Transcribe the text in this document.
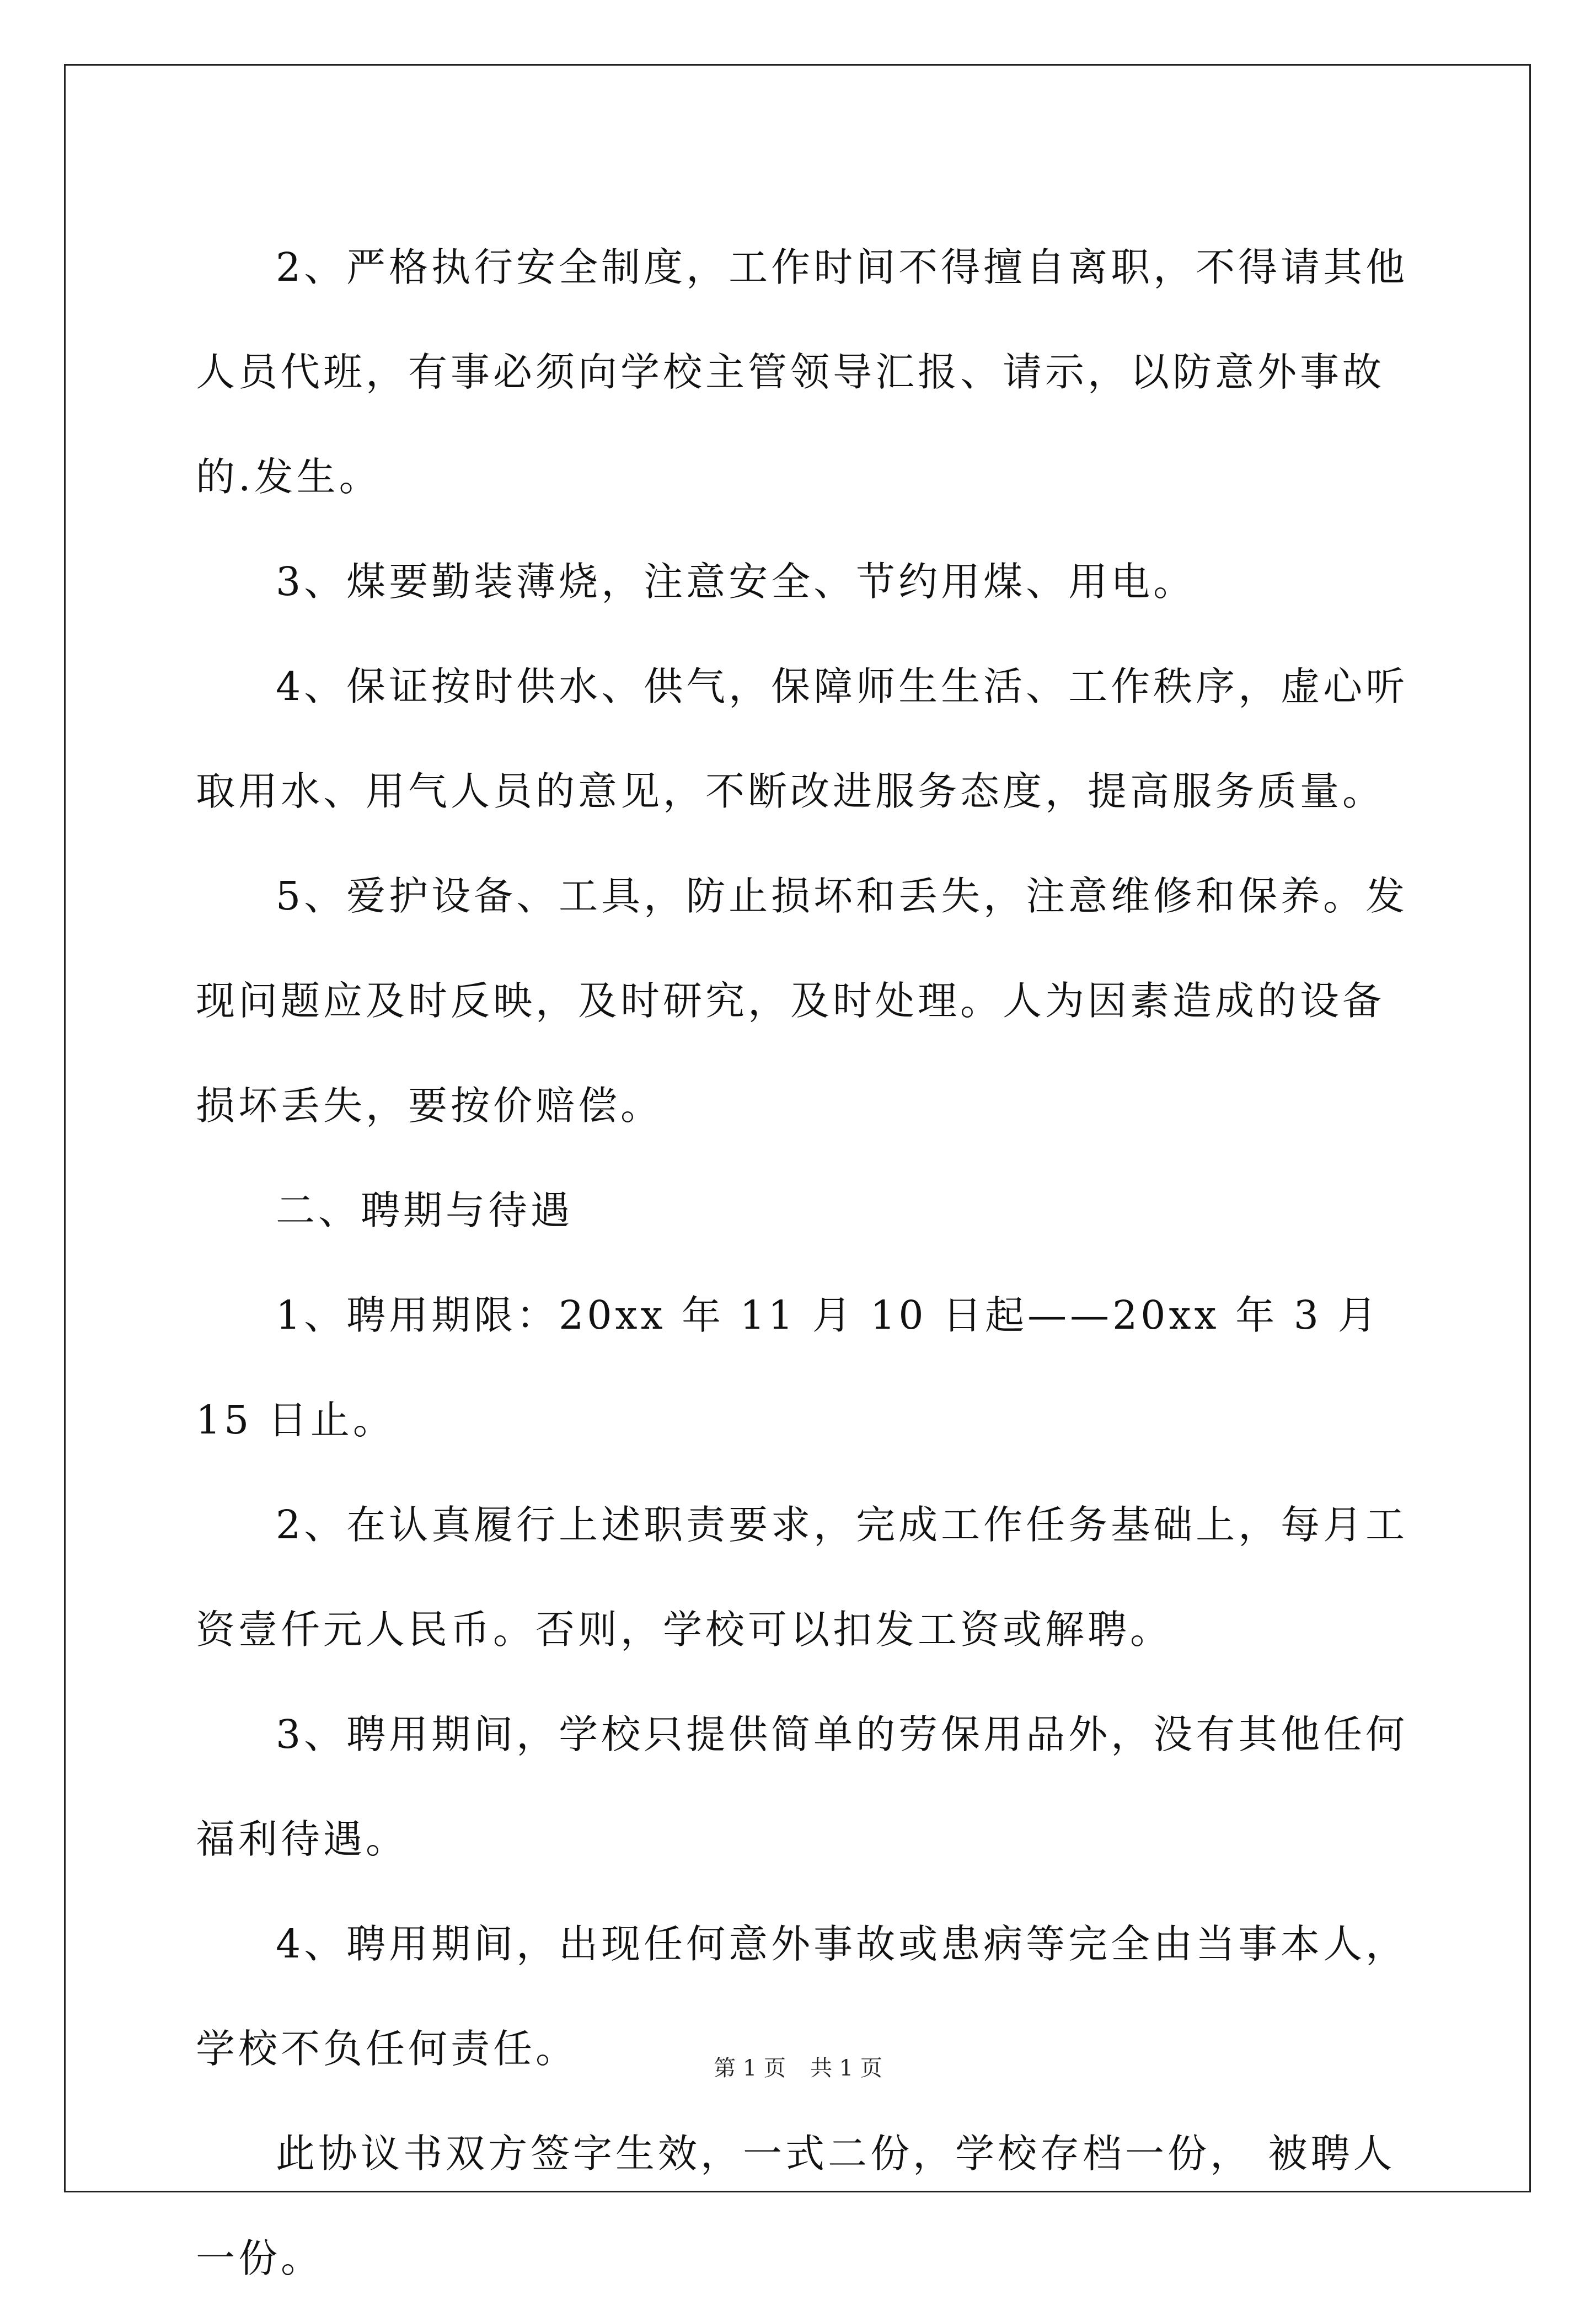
2、严格执行安全制度，工作时间不得擅自离职，不得请其他人员代班，有事必须向学校主管领导汇报、请示，以防意外事故的.发生。

3、煤要勤装薄烧，注意安全、节约用煤、用电。

4、保证按时供水、供气，保障师生生活、工作秩序，虚心听取用水、用气人员的意见，不断改进服务态度，提高服务质量。

5、爱护设备、工具，防止损坏和丢失，注意维修和保养。发现问题应及时反映，及时研究，及时处理。人为因素造成的设备损坏丢失，要按价赔偿。

二、聘期与待遇

1、聘用期限：20xx 年 11 月 10 日起——20xx 年 3 月 15 日止。

2、在认真履行上述职责要求，完成工作任务基础上，每月工资壹仟元人民币。否则，学校可以扣发工资或解聘。

3、聘用期间，学校只提供简单的劳保用品外，没有其他任何福利待遇。

4、聘用期间，出现任何意外事故或患病等完全由当事本人，学校不负任何责任。

此协议书双方签字生效，一式二份，学校存档一份， 被聘人一份。

第 1 页 共 1 页
